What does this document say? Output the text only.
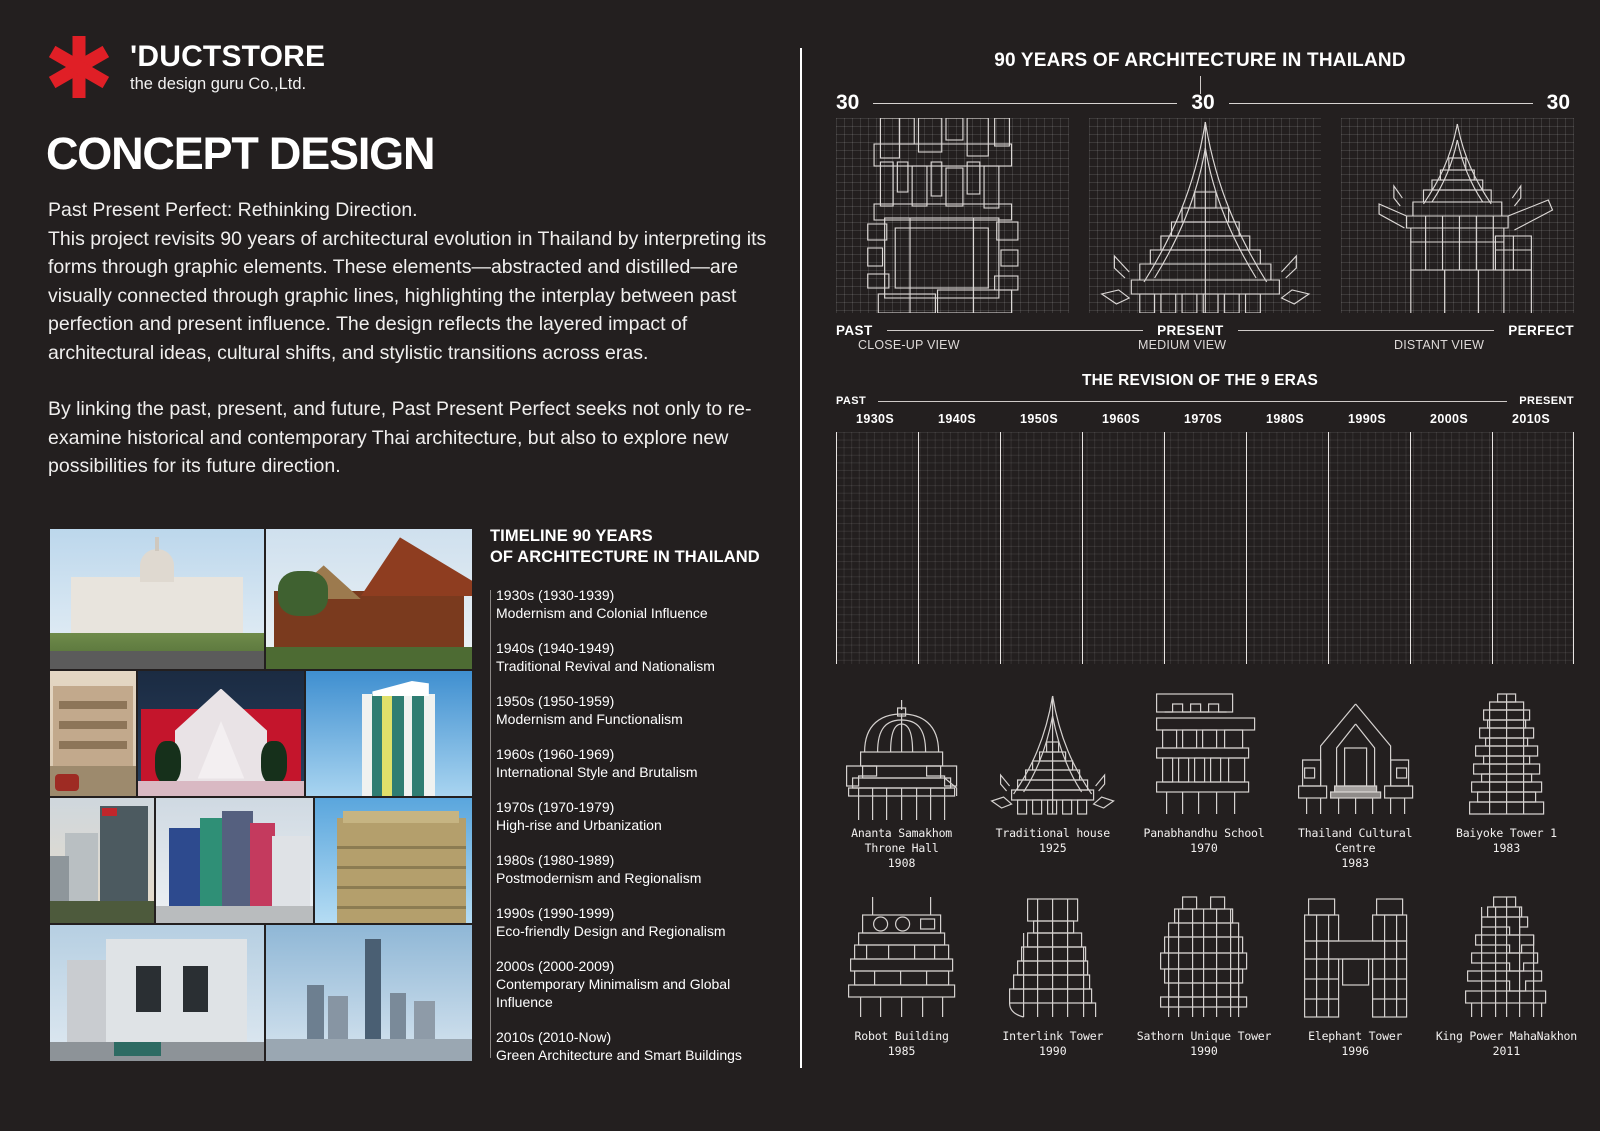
'DUCTSTORE
the design guru Co.,Ltd.
CONCEPT DESIGN

Past Present Perfect: Rethinking Direction.

This project revisits 90 years of architectural evolution in Thailand by interpreting its forms through graphic elements. These elements—abstracted and distilled—are visually connected through graphic lines, highlighting the interplay between past perfection and present influence. The design reflects the layered impact of architectural ideas, cultural shifts, and stylistic transitions across eras.

By linking the past, present, and future, Past Present Perfect seeks not only to re-examine historical and contemporary Thai architecture, but also to explore new possibilities for its future direction.

TIMELINE 90 YEARS
OF ARCHITECTURE IN THAILAND
1930s (1930-1939)
Modernism and Colonial Influence
1940s (1940-1949)
Traditional Revival and Nationalism
1950s (1950-1959)
Modernism and Functionalism
1960s (1960-1969)
International Style and Brutalism
1970s (1970-1979)
High-rise and Urbanization
1980s (1980-1989)
Postmodernism and Regionalism
1990s (1990-1999)
Eco-friendly Design and Regionalism
2000s (2000-2009)
Contemporary Minimalism and Global Influence
2010s (2010-Now)
Green Architecture and Smart Buildings
90 YEARS OF ARCHITECTURE IN THAILAND
30	30	30
PAST	PRESENT	PERFECT
CLOSE-UP VIEW	MEDIUM VIEW	DISTANT VIEW
THE REVISION OF THE 9 ERAS
PAST	PRESENT
1930S	1940S	1950S	1960S	1970S	1980S	1990S	2000S	2010S
Ananta Samakhom
Throne Hall
1908
Traditional house
1925
Panabhandhu School
1970
Thailand Cultural Centre
1983
Baiyoke Tower 1
1983
Robot Building
1985
Interlink Tower
1990
Sathorn Unique Tower
1990
Elephant Tower
1996
King Power MahaNakhon
2011
